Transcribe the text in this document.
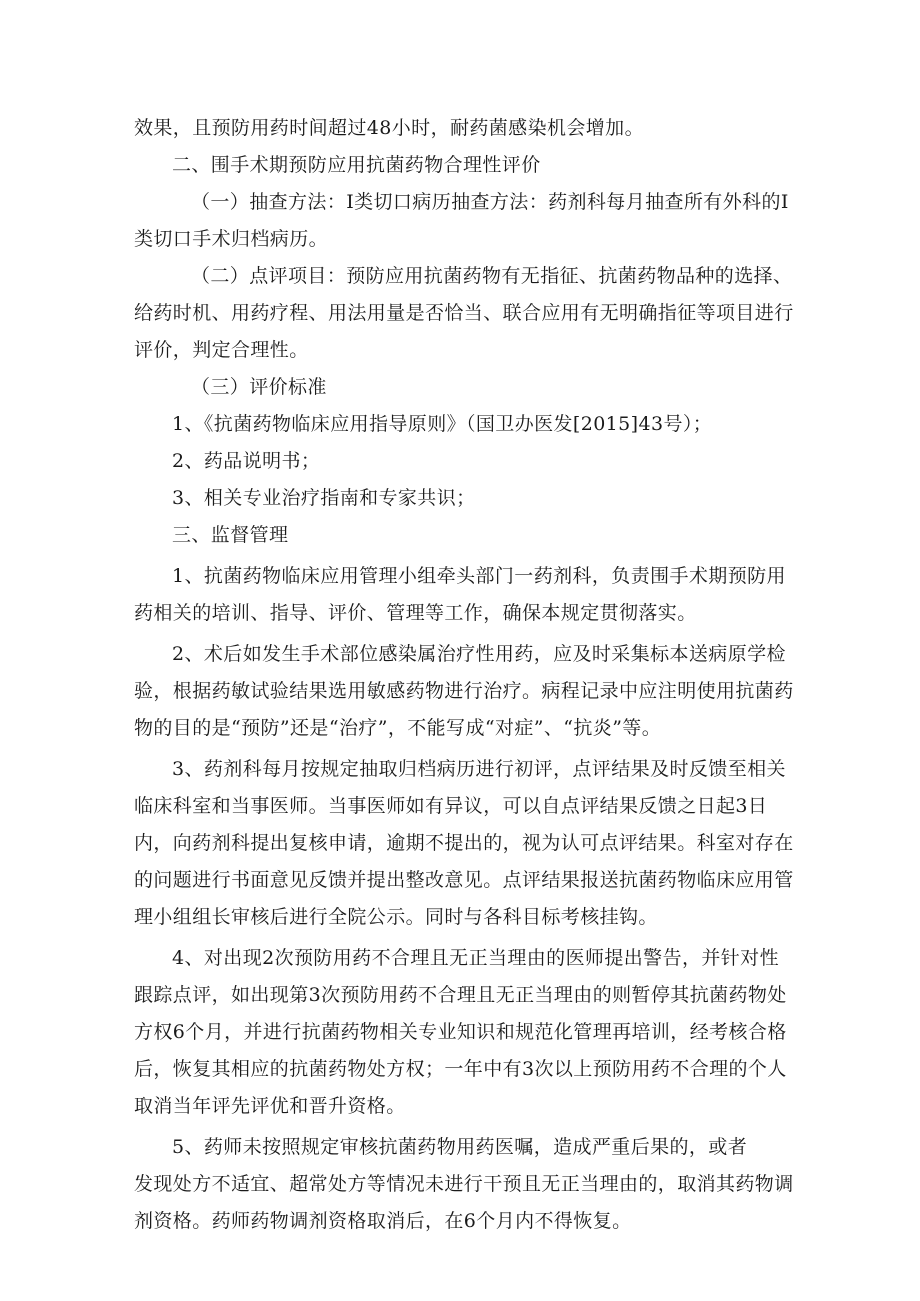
效果，且预防用药时间超过48小时，耐药菌感染机会增加。

二、围手术期预防应用抗菌药物合理性评价

（一）抽查方法：Ⅰ类切口病历抽查方法：药剂科每月抽查所有外科的Ⅰ类切口手术归档病历。

（二）点评项目：预防应用抗菌药物有无指征、抗菌药物品种的选择、给药时机、用药疗程、用法用量是否恰当、联合应用有无明确指征等项目进行评价，判定合理性。

（三）评价标准

1、《抗菌药物临床应用指导原则》（国卫办医发[2015]43号）；

2、药品说明书；

3、相关专业治疗指南和专家共识；

三、监督管理

1、抗菌药物临床应用管理小组牵头部门一药剂科，负责围手术期预防用药相关的培训、指导、评价、管理等工作，确保本规定贯彻落实。

2、术后如发生手术部位感染属治疗性用药，应及时采集标本送病原学检验，根据药敏试验结果选用敏感药物进行治疗。病程记录中应注明使用抗菌药物的目的是“预防”还是“治疗”，不能写成“对症”、“抗炎”等。

3、药剂科每月按规定抽取归档病历进行初评，点评结果及时反馈至相关临床科室和当事医师。当事医师如有异议，可以自点评结果反馈之日起3日内，向药剂科提出复核申请，逾期不提出的，视为认可点评结果。科室对存在的问题进行书面意见反馈并提出整改意见。点评结果报送抗菌药物临床应用管理小组组长审核后进行全院公示。同时与各科目标考核挂钩。

4、对出现2次预防用药不合理且无正当理由的医师提出警告，并针对性跟踪点评，如出现第3次预防用药不合理且无正当理由的则暂停其抗菌药物处方权6个月，并进行抗菌药物相关专业知识和规范化管理再培训，经考核合格后，恢复其相应的抗菌药物处方权；一年中有3次以上预防用药不合理的个人取消当年评先评优和晋升资格。

5、药师未按照规定审核抗菌药物用药医嘱，造成严重后果的，或者

发现处方不适宜、超常处方等情况未进行干预且无正当理由的，取消其药物调剂资格。药师药物调剂资格取消后，在6个月内不得恢复。
